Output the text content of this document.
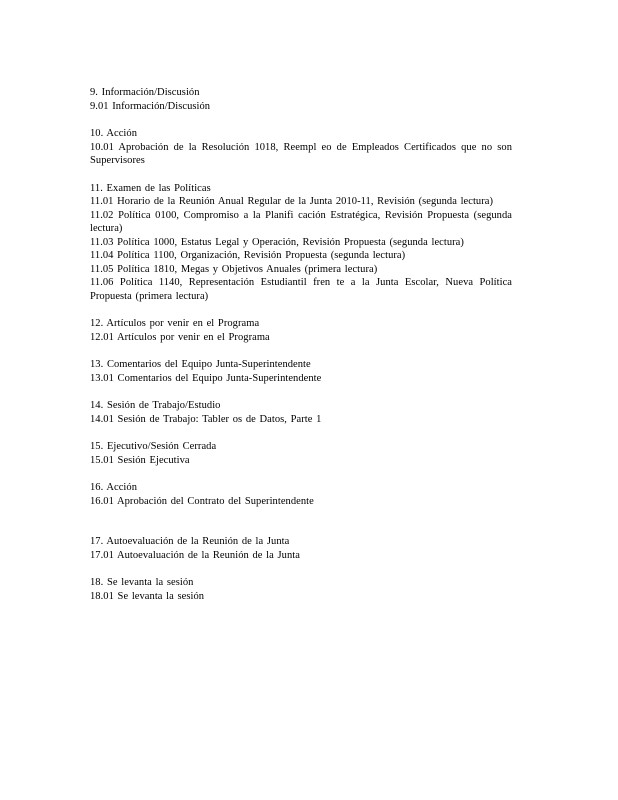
9. Información/Discusión
9.01 Información/Discusión
10. Acción
10.01 Aprobación de la Resolución 1018, Reempl eo de Empleados Certificados que no son Supervisores
11. Examen de las Políticas
11.01 Horario de la Reunión Anual Regular de la Junta 2010-11, Revisión (segunda lectura)
11.02 Política 0100, Compromiso a la Planifi cación Estratégica, Revisión Propuesta (segunda lectura)
11.03 Política 1000, Estatus Legal y Operación, Revisión Propuesta (segunda lectura)
11.04 Política 1100, Organización, Revisión Propuesta (segunda lectura)
11.05 Política 1810, Megas y Objetivos Anuales (primera lectura)
11.06 Política 1140, Representación Estudiantil fren te a la Junta Escolar, Nueva Política Propuesta (primera lectura)
12. Artículos por venir en el Programa
12.01 Artículos por venir en el Programa
13. Comentarios del Equipo Junta-Superintendente
13.01 Comentarios del Equipo Junta-Superintendente
14. Sesión de Trabajo/Estudio
14.01 Sesión de Trabajo: Tabler os de Datos, Parte 1
15. Ejecutivo/Sesión Cerrada
15.01 Sesión Ejecutiva
16. Acción
16.01 Aprobación del Contrato del Superintendente
17. Autoevaluación de la Reunión de la Junta
17.01 Autoevaluación de la Reunión de la Junta
18. Se levanta la sesión
18.01 Se levanta la sesión
